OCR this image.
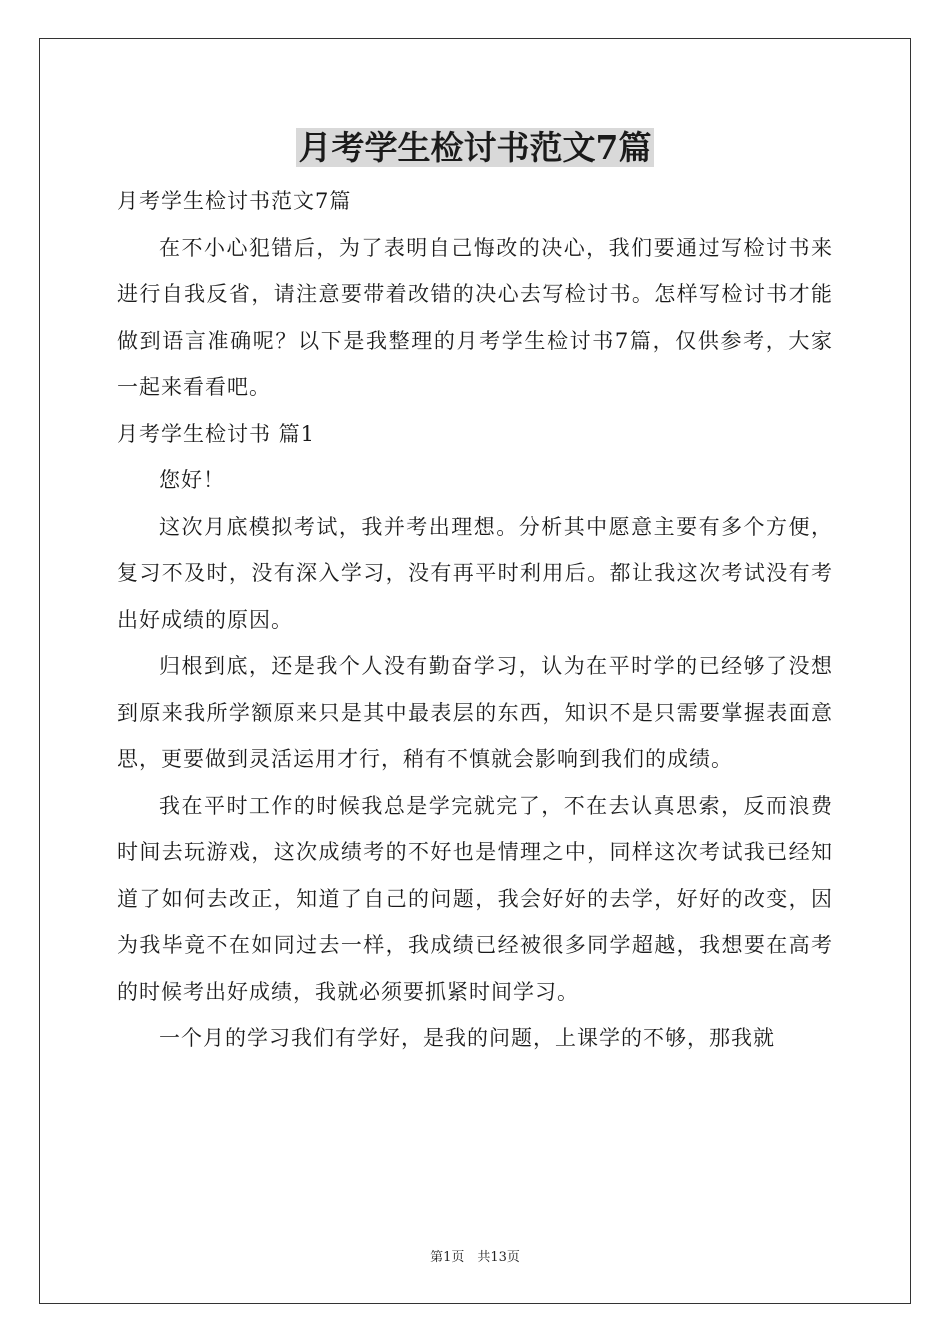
月考学生检讨书范文7篇

月考学生检讨书范文7篇

在不小心犯错后，为了表明自己悔改的决心，我们要通过写检讨书来进行自我反省，请注意要带着改错的决心去写检讨书。怎样写检讨书才能做到语言准确呢？以下是我整理的月考学生检讨书7篇，仅供参考，大家一起来看看吧。

月考学生检讨书 篇1

您好！

这次月底模拟考试，我并考出理想。分析其中愿意主要有多个方便，复习不及时，没有深入学习，没有再平时利用后。都让我这次考试没有考出好成绩的原因。

归根到底，还是我个人没有勤奋学习，认为在平时学的已经够了没想到原来我所学额原来只是其中最表层的东西，知识不是只需要掌握表面意思，更要做到灵活运用才行，稍有不慎就会影响到我们的成绩。

我在平时工作的时候我总是学完就完了，不在去认真思索，反而浪费时间去玩游戏，这次成绩考的不好也是情理之中，同样这次考试我已经知道了如何去改正，知道了自己的问题，我会好好的去学，好好的改变，因为我毕竟不在如同过去一样，我成绩已经被很多同学超越，我想要在高考的时候考出好成绩，我就必须要抓紧时间学习。

一个月的学习我们有学好，是我的问题，上课学的不够，那我就

第1页　共13页
